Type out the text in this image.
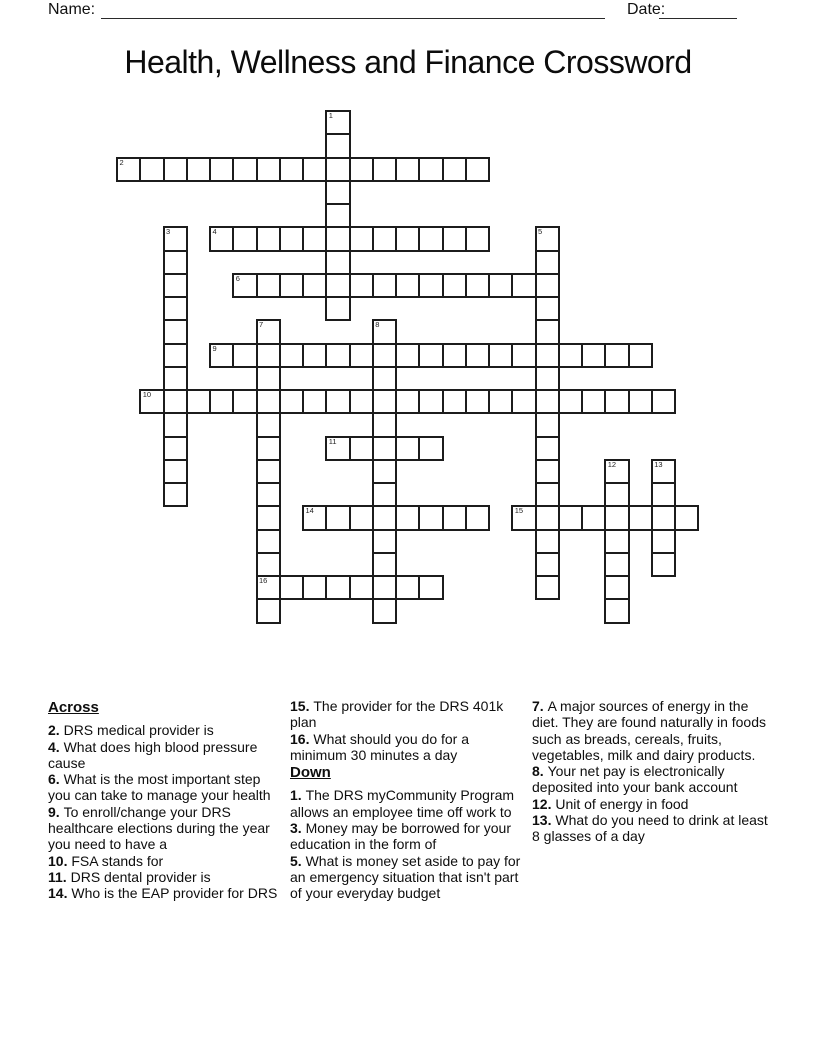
Name:	Date:
Health, Wellness and Finance Crossword
1
2
3	4	5
6
7
16
8
9
10
11
12	13
14	15
Across
2. DRS medical provider is
4. What does high blood pressure cause
6. What is the most important step you can take to manage your health
9. To enroll/change your DRS healthcare elections during the year you need to have a
10. FSA stands for
11. DRS dental provider is
14. Who is the EAP provider for DRS
15. The provider for the DRS 401k plan
16. What should you do for a minimum 30 minutes a day
Down
1. The DRS myCommunity Program allows an employee time off work to
3. Money may be borrowed for your education in the form of
5. What is money set aside to pay for an emergency situation that isn't part of your everyday budget
7. A major sources of energy in the diet. They are found naturally in foods such as breads, cereals, fruits, vegetables, milk and dairy products.
8. Your net pay is electronically deposited into your bank account
12. Unit of energy in food
13. What do you need to drink at least 8 glasses of a day
